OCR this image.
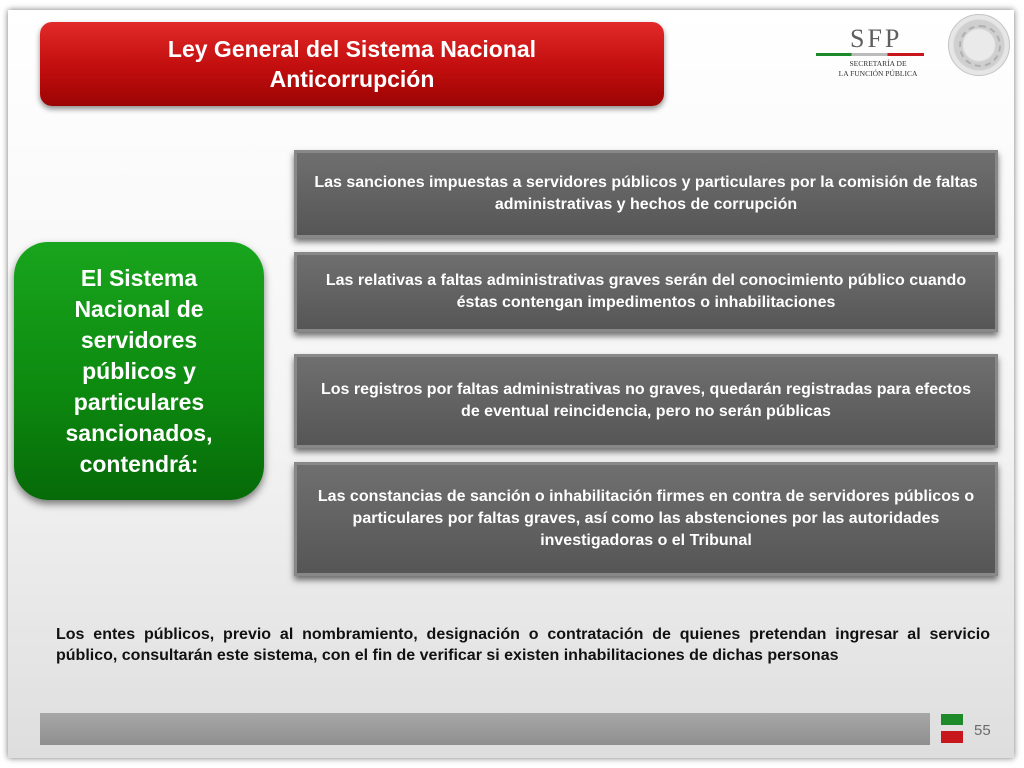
Ley General del Sistema Nacional Anticorrupción
SFP
SECRETARÍA DE
LA FUNCIÓN PÚBLICA
El Sistema Nacional de servidores públicos y particulares sancionados, contendrá:
Las sanciones impuestas a servidores públicos y particulares por la comisión de faltas administrativas y hechos de corrupción
Las relativas a faltas administrativas graves serán del conocimiento público cuando éstas contengan impedimentos o inhabilitaciones
Los registros por faltas administrativas no graves, quedarán registradas para efectos de eventual reincidencia, pero no serán públicas
Las constancias de sanción o inhabilitación firmes en contra de servidores públicos o particulares por faltas graves, así como las abstenciones por las autoridades investigadoras o el Tribunal
Los entes públicos, previo al nombramiento, designación o contratación de quienes pretendan ingresar al servicio público, consultarán este sistema, con el fin de verificar si existen inhabilitaciones de dichas personas
55
